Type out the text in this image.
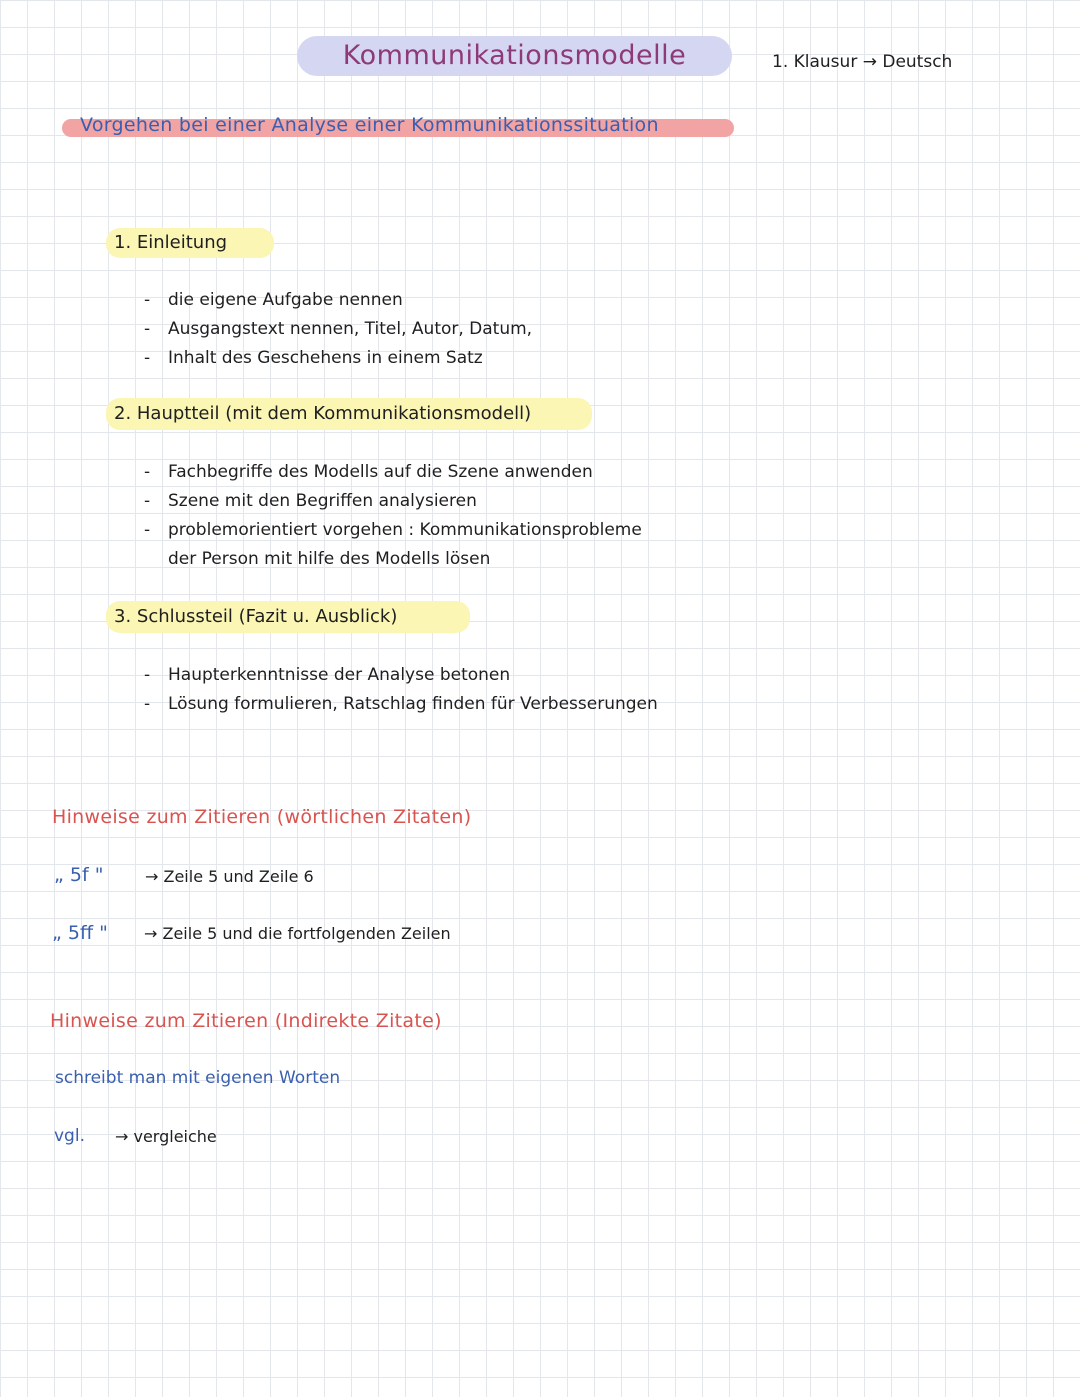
Kommunikationsmodelle	1. Klausur → Deutsch
Vorgehen bei einer Analyse einer Kommunikationssituation
1. Einleitung
- die eigene Aufgabe nennen
- Ausgangstext nennen, Titel, Autor, Datum,
- Inhalt des Geschehens in einem Satz
2. Hauptteil (mit dem Kommunikationsmodell)
- Fachbegriffe des Modells auf die Szene anwenden
- Szene mit den Begriffen analysieren
- problemorientiert vorgehen : Kommunikationsprobleme
der Person mit hilfe des Modells lösen
3. Schlussteil (Fazit u. Ausblick)
- Haupterkenntnisse der Analyse betonen
- Lösung formulieren, Ratschlag finden für Verbesserungen
Hinweise zum Zitieren (wörtlichen Zitaten)
„ 5f "	→ Zeile 5 und Zeile 6
„ 5ff " → Zeile 5 und die fortfolgenden Zeilen
Hinweise zum Zitieren (Indirekte Zitate)
schreibt man mit eigenen Worten
vgl. → vergleiche
